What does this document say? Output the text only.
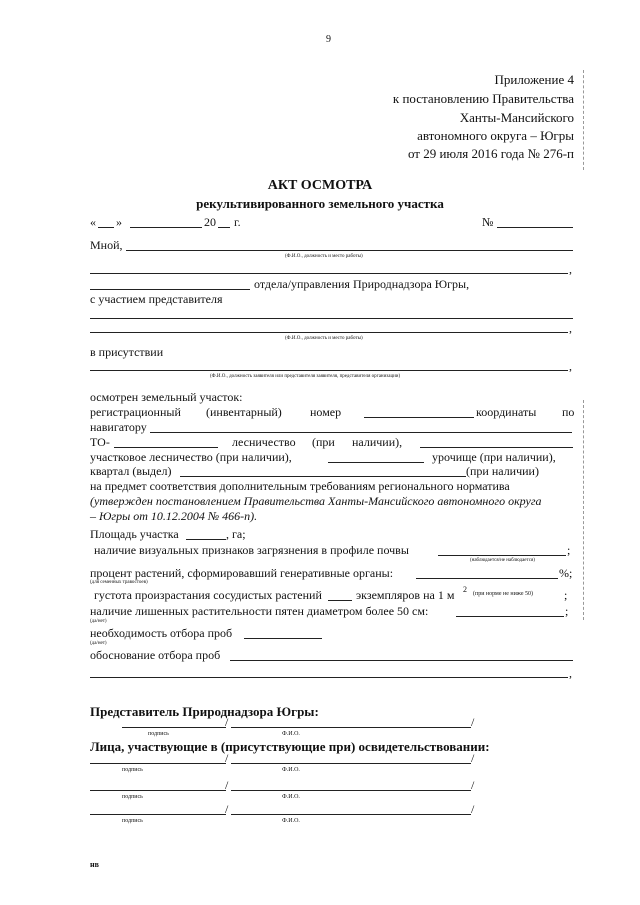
9
Приложение 4
к постановлению Правительства
Ханты-Мансийского
автономного округа – Югры
от 29 июля 2016 года № 276-п
АКТ ОСМОТРА
рекультивированного земельного участка
« »	20 г.	№
Мной,
(Ф.И.О., должность и место работы)
,
отдела/управления Природнадзора Югры,
с участием представителя
,
(Ф.И.О., должность и место работы)
в присутствии
,
(Ф.И.О., должность заявителя или представителя заявителя, представителя организации)
осмотрен земельный участок:
регистрационный (инвентарный) номер	координаты по
навигатору
ТО-	лесничество (при наличии),
участковое лесничество (при наличии),	урочище (при наличии),
квартал (выдел)	(при наличии)
на предмет соответствия дополнительным требованиям регионального норматива
(утвержден постановлением Правительства Ханты-Мансийского автономного округа
– Югры от 10.12.2004 № 466-п).
Площадь участка	, га;
наличие визуальных признаков загрязнения в профиле почвы	;
(наблюдается/не наблюдается)
процент растений, сформировавший генеративные органы:	%;
(для семенных травостоев)
густота произрастания сосудистых растений	экземпляров на 1 м 2 (при норме не ниже 50)	;
наличие лишенных растительности пятен диаметром более 50 см:	;
(да/нет)
необходимость отбора проб
(да/нет)
обоснование отбора проб
,
Представитель Природнадзора Югры:
/	/
подпись	Ф.И.О.
Лица, участвующие в (присутствующие при) освидетельствовании:
/	/
подпись	Ф.И.О.
/	/
подпись	Ф.И.О.
/	/
подпись	Ф.И.О.
нв
